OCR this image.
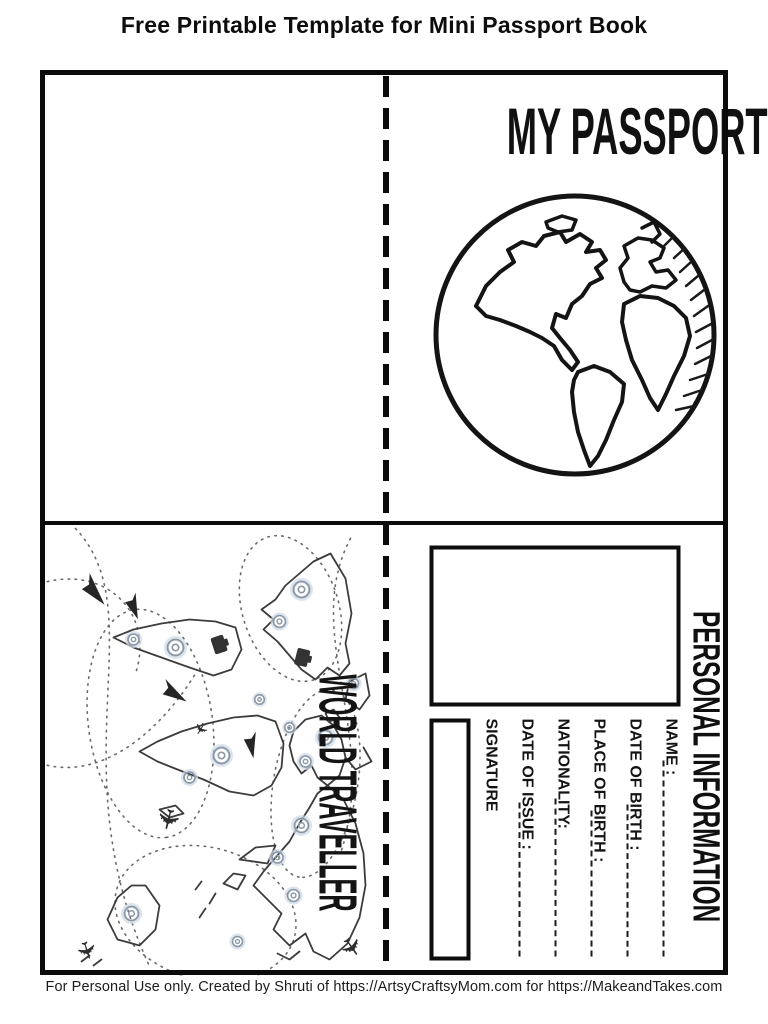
Free Printable Template for Mini Passport Book
MY PASSPORT
✈
✈
✈
✈ WORLD TRAVELLER	PERSONAL INFORMATION
NAME :
DATE OF BIRTH :
PLACE OF BIRTH :
NATIONALITY:
DATE OF ISSUE :
SIGNATURE
For Personal Use only. Created by Shruti of https://ArtsyCraftsyMom.com for https://MakeandTakes.com
